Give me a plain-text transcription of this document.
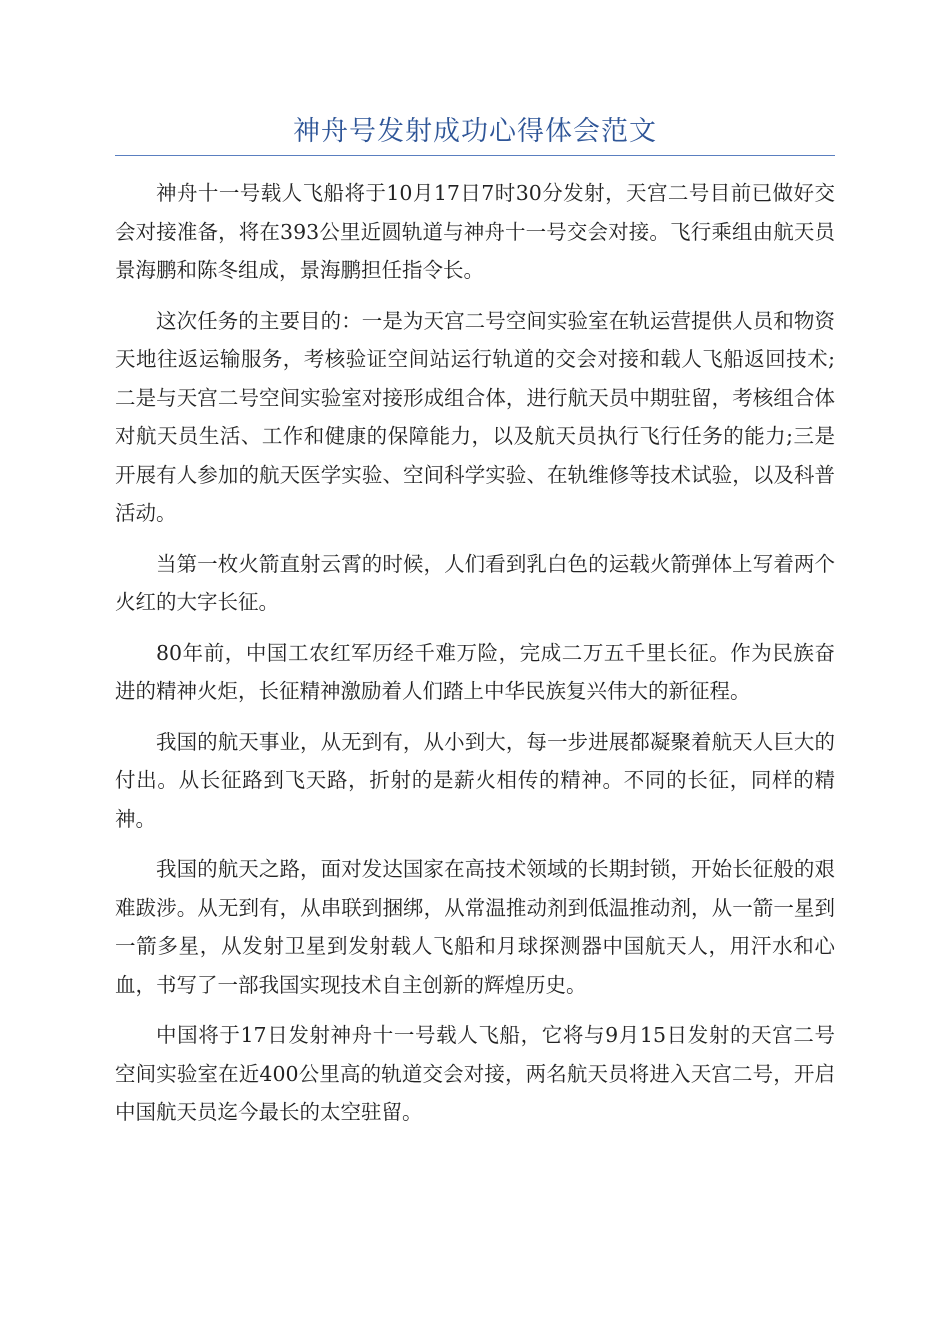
神舟号发射成功心得体会范文

神舟十一号载人飞船将于10月17日7时30分发射，天宫二号目前已做好交会对接准备，将在393公里近圆轨道与神舟十一号交会对接。飞行乘组由航天员景海鹏和陈冬组成，景海鹏担任指令长。

这次任务的主要目的：一是为天宫二号空间实验室在轨运营提供人员和物资天地往返运输服务，考核验证空间站运行轨道的交会对接和载人飞船返回技术;二是与天宫二号空间实验室对接形成组合体，进行航天员中期驻留，考核组合体对航天员生活、工作和健康的保障能力，以及航天员执行飞行任务的能力;三是开展有人参加的航天医学实验、空间科学实验、在轨维修等技术试验，以及科普活动。

当第一枚火箭直射云霄的时候，人们看到乳白色的运载火箭弹体上写着两个火红的大字长征。

80年前，中国工农红军历经千难万险，完成二万五千里长征。作为民族奋进的精神火炬，长征精神激励着人们踏上中华民族复兴伟大的新征程。

我国的航天事业，从无到有，从小到大，每一步进展都凝聚着航天人巨大的付出。从长征路到飞天路，折射的是薪火相传的精神。不同的长征，同样的精神。

我国的航天之路，面对发达国家在高技术领域的长期封锁，开始长征般的艰难跋涉。从无到有，从串联到捆绑，从常温推动剂到低温推动剂，从一箭一星到一箭多星，从发射卫星到发射载人飞船和月球探测器中国航天人，用汗水和心血，书写了一部我国实现技术自主创新的辉煌历史。

中国将于17日发射神舟十一号载人飞船，它将与9月15日发射的天宫二号空间实验室在近400公里高的轨道交会对接，两名航天员将进入天宫二号，开启中国航天员迄今最长的太空驻留。
